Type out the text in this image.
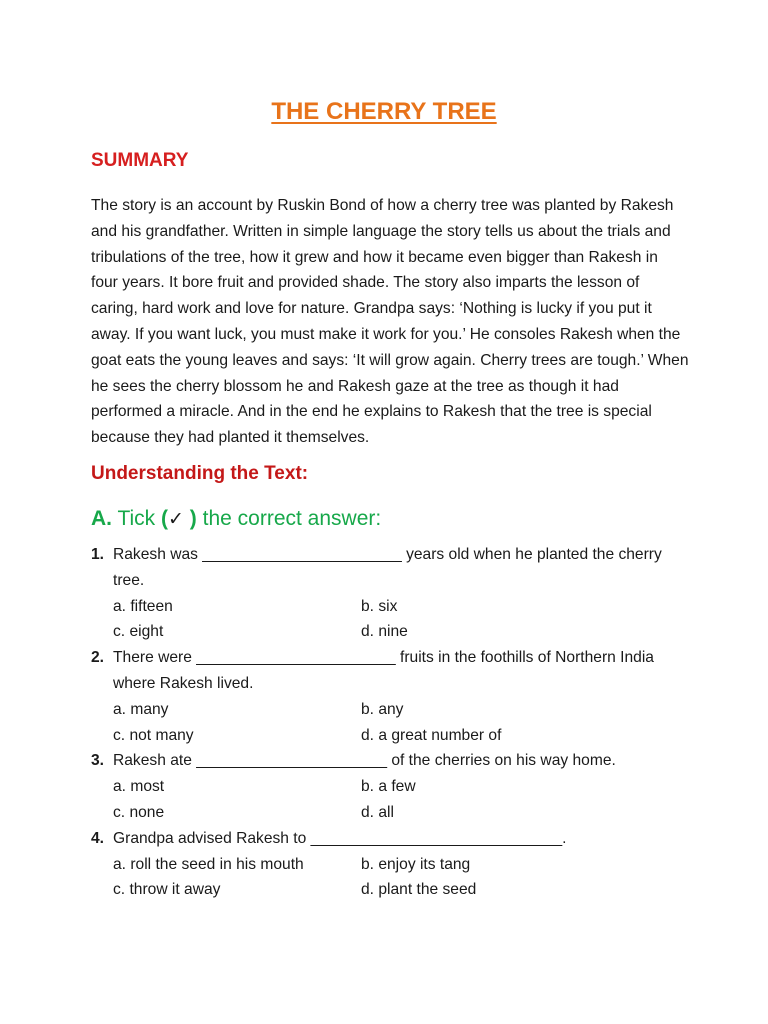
THE CHERRY TREE
SUMMARY

The story is an account by Ruskin Bond of how a cherry tree was planted by Rakesh and his grandfather. Written in simple language the story tells us about the trials and tribulations of the tree, how it grew and how it became even bigger than Rakesh in four years. It bore fruit and provided shade. The story also imparts the lesson of caring, hard work and love for nature. Grandpa says: ‘Nothing is lucky if you put it away. If you want luck, you must make it work for you.’ He consoles Rakesh when the goat eats the young leaves and says: ‘It will grow again. Cherry trees are tough.’ When he sees the cherry blossom he and Rakesh gaze at the tree as though it had performed a miracle. And in the end he explains to Rakesh that the tree is special because they had planted it themselves.

Understanding the Text:
A. Tick (✓ ) the correct answer:
1. Rakesh was _______________________ years old when he planted the cherry tree.
a. fifteen	b. six
c. eight	d. nine
2. There were _______________________ fruits in the foothills of Northern India where Rakesh lived.
a. many	b. any
c. not many	d. a great number of
3. Rakesh ate ______________________ of the cherries on his way home.
a. most	b. a few
c. none	d. all
4. Grandpa advised Rakesh to _____________________________.
a. roll the seed in his mouth	b. enjoy its tang
c. throw it away	d. plant the seed
